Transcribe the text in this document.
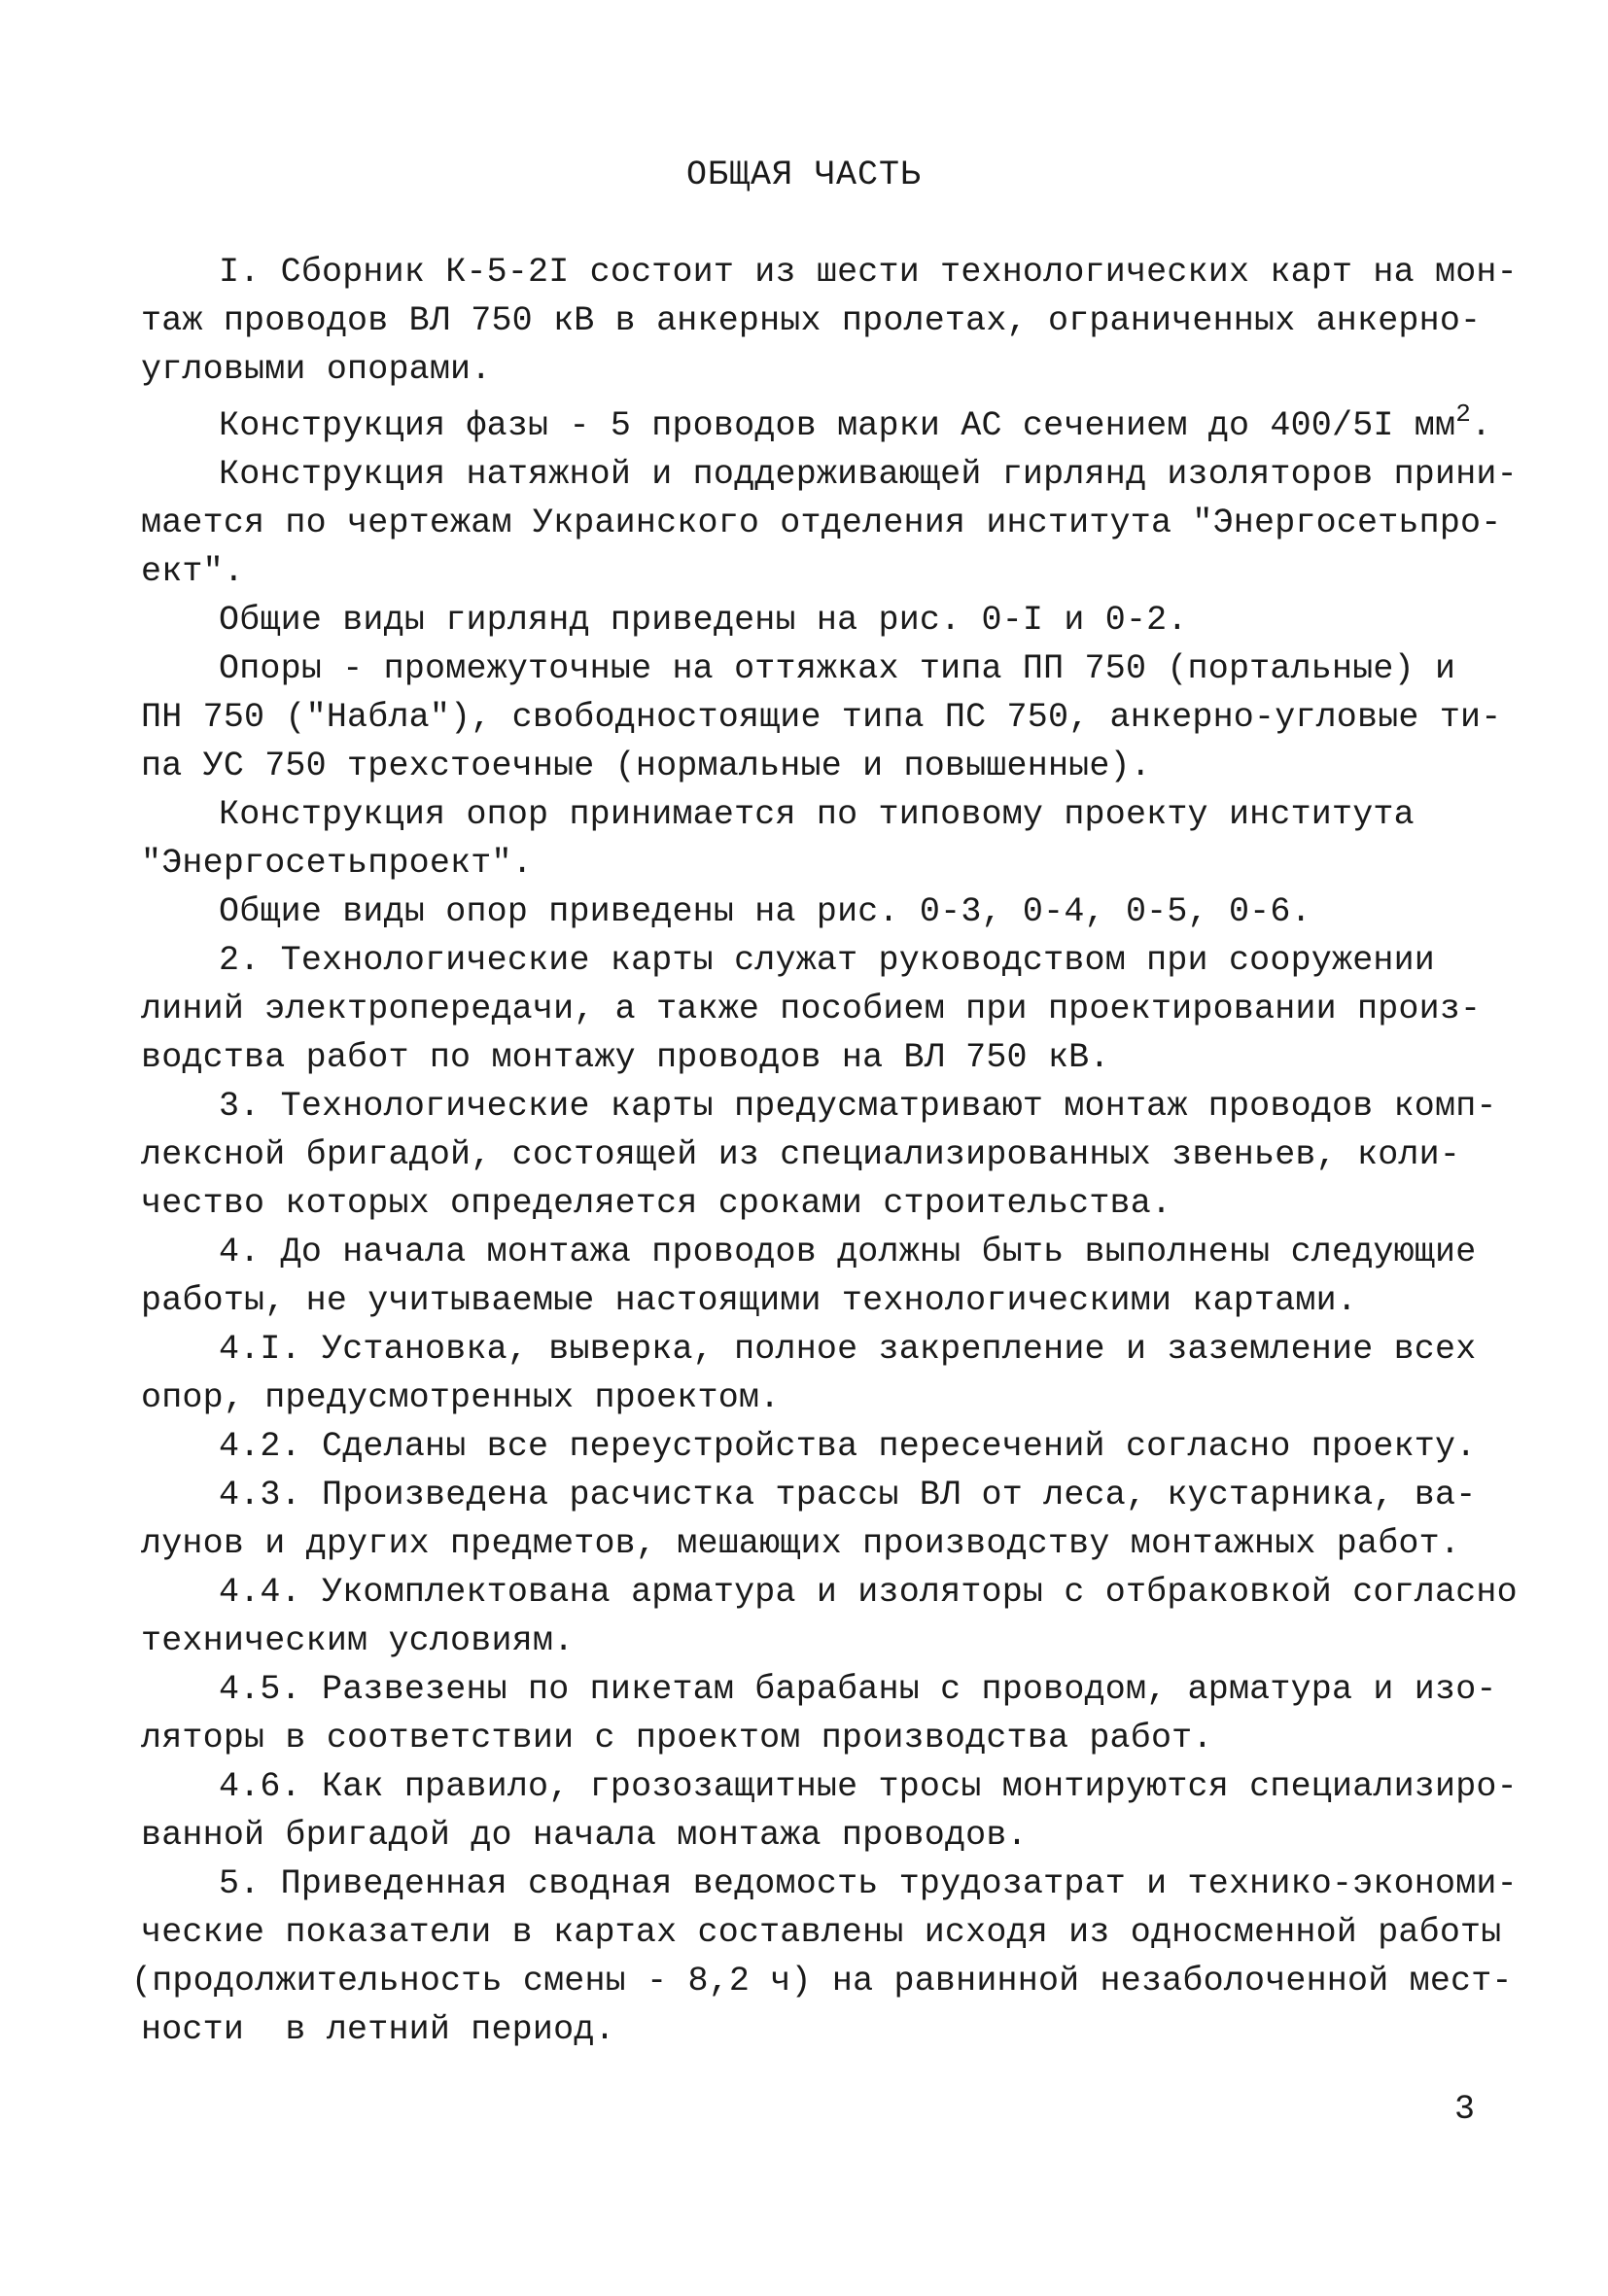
ОБЩАЯ ЧАСТЬ
I. Сборник К-5-2I состоит из шести технологических карт на мон-
таж проводов ВЛ 750 кВ в анкерных пролетах, ограниченных анкерно-
угловыми опорами.
Конструкция фазы - 5 проводов марки АС сечением до 400/5I $мм^2$.
Конструкция натяжной и поддерживающей гирлянд изоляторов прини-
мается по чертежам Украинского отделения института "Энергосетьпро-
ект".
Общие виды гирлянд приведены на рис. 0-I и 0-2.
Опоры - промежуточные на оттяжках типа ПП 750 (портальные) и
ПН 750 ("Набла"), свободностоящие типа ПС 750, анкерно-угловые ти-
па УС 750 трехстоечные (нормальные и повышенные).
Конструкция опор принимается по типовому проекту института
"Энергосетьпроект".
Общие виды опор приведены на рис. 0-3, 0-4, 0-5, 0-6.
2. Технологические карты служат руководством при сооружении
линий электропередачи, а также пособием при проектировании произ-
водства работ по монтажу проводов на ВЛ 750 кВ.
3. Технологические карты предусматривают монтаж проводов комп-
лексной бригадой, состоящей из специализированных звеньев, коли-
чество которых определяется сроками строительства.
4. До начала монтажа проводов должны быть выполнены следующие
работы, не учитываемые настоящими технологическими картами.
4.I. Установка, выверка, полное закрепление и заземление всех
опор, предусмотренных проектом.
4.2. Сделаны все переустройства пересечений согласно проекту.
4.3. Произведена расчистка трассы ВЛ от леса, кустарника, ва-
лунов и других предметов, мешающих производству монтажных работ.
4.4. Укомплектована арматура и изоляторы с отбраковкой согласно
техническим условиям.
4.5. Развезены по пикетам барабаны с проводом, арматура и изо-
ляторы в соответствии с проектом производства работ.
4.6. Как правило, грозозащитные тросы монтируются специализиро-
ванной бригадой до начала монтажа проводов.
5. Приведенная сводная ведомость трудозатрат и технико-экономи-
ческие показатели в картах составлены исходя из односменной работы
(продолжительность смены - 8,2 ч) на равнинной незаболоченной мест-
ности  в летний период.
3
